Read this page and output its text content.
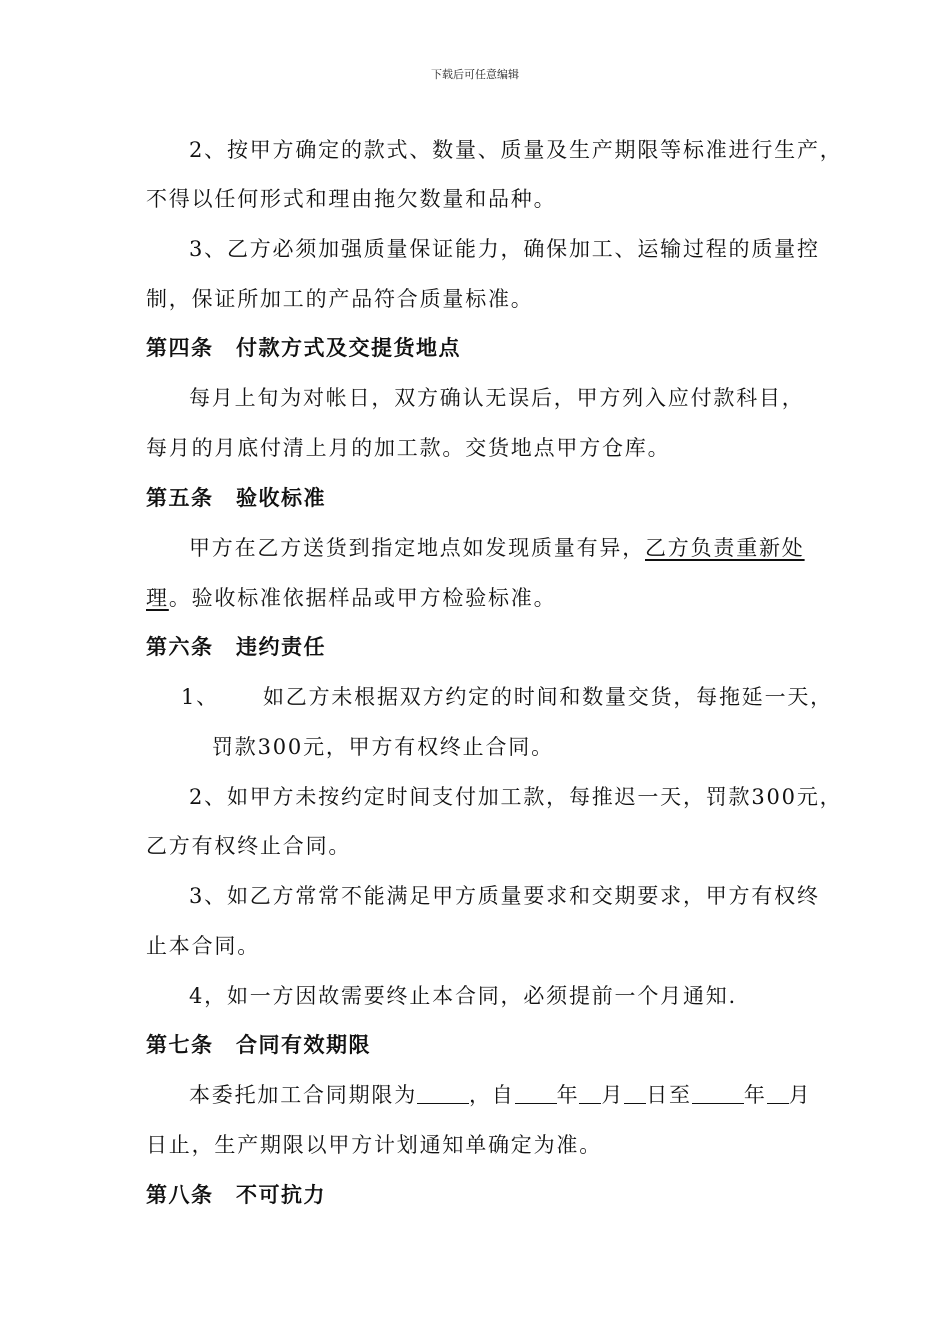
下载后可任意编辑
2、按甲方确定的款式、数量、质量及生产期限等标准进行生产，
不得以任何形式和理由拖欠数量和品种。
3、乙方必须加强质量保证能力，确保加工、运输过程的质量控
制，保证所加工的产品符合质量标准。
第四条　付款方式及交提货地点
每月上旬为对帐日，双方确认无误后，甲方列入应付款科目，
每月的月底付清上月的加工款。交货地点甲方仓库。
第五条　验收标准
甲方在乙方送货到指定地点如发现质量有异，乙方负责重新处
理。验收标准依据样品或甲方检验标准。
第六条　违约责任
1、 如乙方未根据双方约定的时间和数量交货，每拖延一天，
罚款300元，甲方有权终止合同。
2、如甲方未按约定时间支付加工款，每推迟一天，罚款300元，
乙方有权终止合同。
3、如乙方常常不能满足甲方质量要求和交期要求，甲方有权终
止本合同。
4，如一方因故需要终止本合同，必须提前一个月通知.
第七条　合同有效期限
本委托加工合同期限为 ，自 年 月 日至 年 月
日止，生产期限以甲方计划通知单确定为准。
第八条　不可抗力
